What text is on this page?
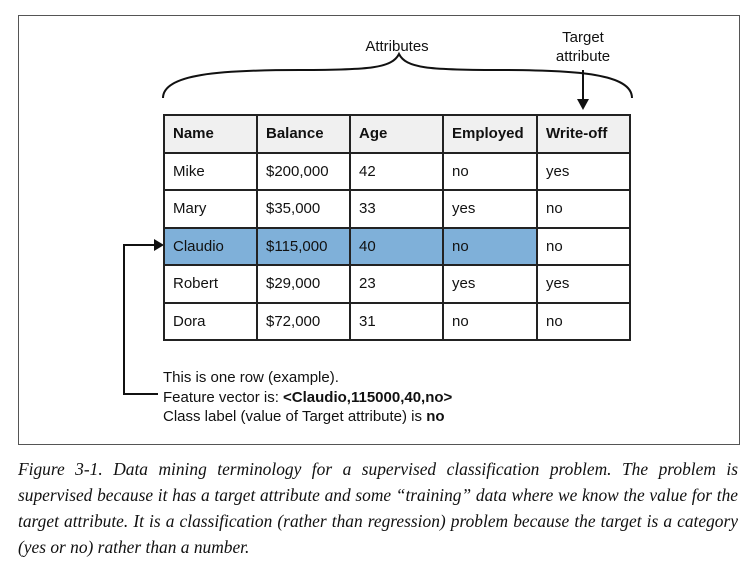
Attributes
Target
attribute
Name	Balance	Age	Employed	Write-off
Mike	$200,000	42	no	yes
Mary	$35,000	33	yes	no
Claudio	$115,000	40	no	no
Robert	$29,000	23	yes	yes
Dora	$72,000	31	no	no
This is one row (example).
Feature vector is: <Claudio,115000,40,no>
Class label (value of Target attribute) is no
Figure 3-1. Data mining terminology for a supervised classification problem. The problem is supervised because it has a target attribute and some “training” data where we know the value for the target attribute. It is a classification (rather than regression) problem because the target is a category (yes or no) rather than a number.
